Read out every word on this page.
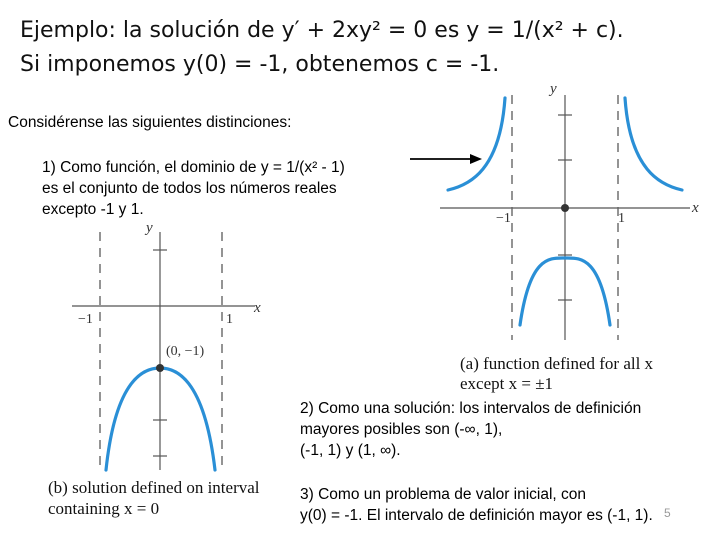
Ejemplo: la solución de y′ + 2xy² = 0 es y = 1/(x² + c).
Si imponemos y(0) = -1, obtenemos c = -1.
Considérense las siguientes distinciones:
1) Como función, el dominio de y = 1/(x² - 1)
es el conjunto de todos los números reales
excepto -1 y 1.
y
x
−1	1
(a) function defined for all x
except x = ±1
y
x
−1	1
(0, −1)
(b) solution defined on interval
containing x = 0
2) Como una solución: los intervalos de definición
mayores posibles son (-∞, 1),
(-1, 1) y (1, ∞).
3) Como un problema de valor inicial, con
y(0) = -1. El intervalo de definición mayor es (-1, 1). 5
